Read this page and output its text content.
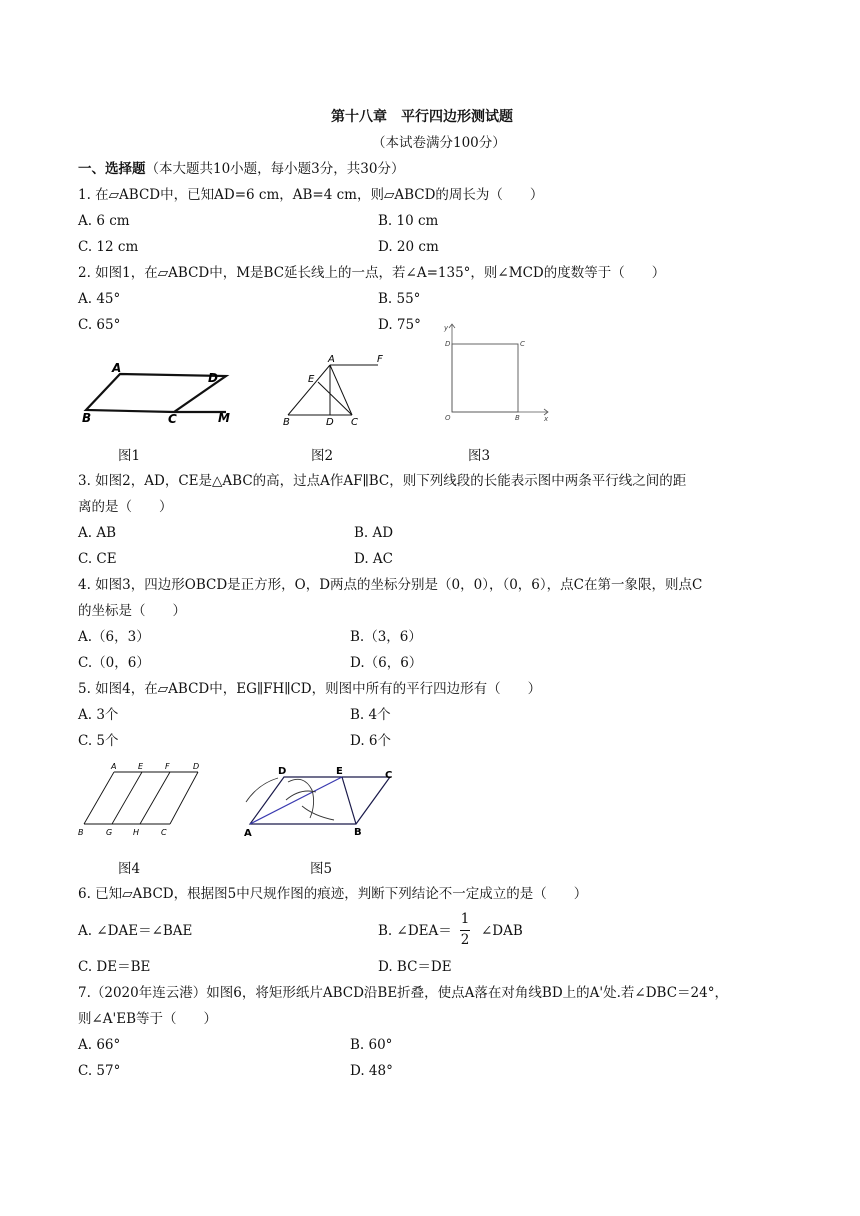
第十八章　平行四边形测试题
（本试卷满分100分）
一、选择题（本大题共10小题，每小题3分，共30分）
1. 在▱ABCD中，已知AD=6 cm，AB=4 cm，则▱ABCD的周长为（　　）
A. 6 cm	B. 10 cm
C. 12 cm	D. 20 cm
2. 如图1，在▱ABCD中，M是BC延长线上的一点，若∠A=135°，则∠MCD的度数等于（　　）
A. 45°	B. 55°
C. 65°	D. 75°
A
D
B	C	M
A	F
E
B	D C
y
D	C
O	B	x
图1	图2	图3
3. 如图2，AD，CE是△ABC的高，过点A作AF∥BC，则下列线段的长能表示图中两条平行线之间的距
离的是（　　）
A. AB	B. AD
C. CE	D. AC
4. 如图3，四边形OBCD是正方形，O，D两点的坐标分别是（0，0），（0，6），点C在第一象限，则点C
的坐标是（　　）
A.（6，3）	B.（3，6）
C.（0，6）	D.（6，6）
5. 如图4，在▱ABCD中，EG∥FH∥CD，则图中所有的平行四边形有（　　）
A. 3个	B. 4个
C. 5个	D. 6个
A	E	F	D
B	G	H	C
D	E	C
A	B
图4	图5
6. 已知▱ABCD，根据图5中尺规作图的痕迹，判断下列结论不一定成立的是（　　）
A. ∠DAE＝∠BAE	B. ∠DEA＝
1
2
∠DAB
C. DE＝BE	D. BC＝DE
7.（2020年连云港）如图6，将矩形纸片ABCD沿BE折叠，使点A落在对角线BD上的A'处.若∠DBC＝24°，
则∠A'EB等于（　　）
A. 66°	B. 60°
C. 57°	D. 48°
